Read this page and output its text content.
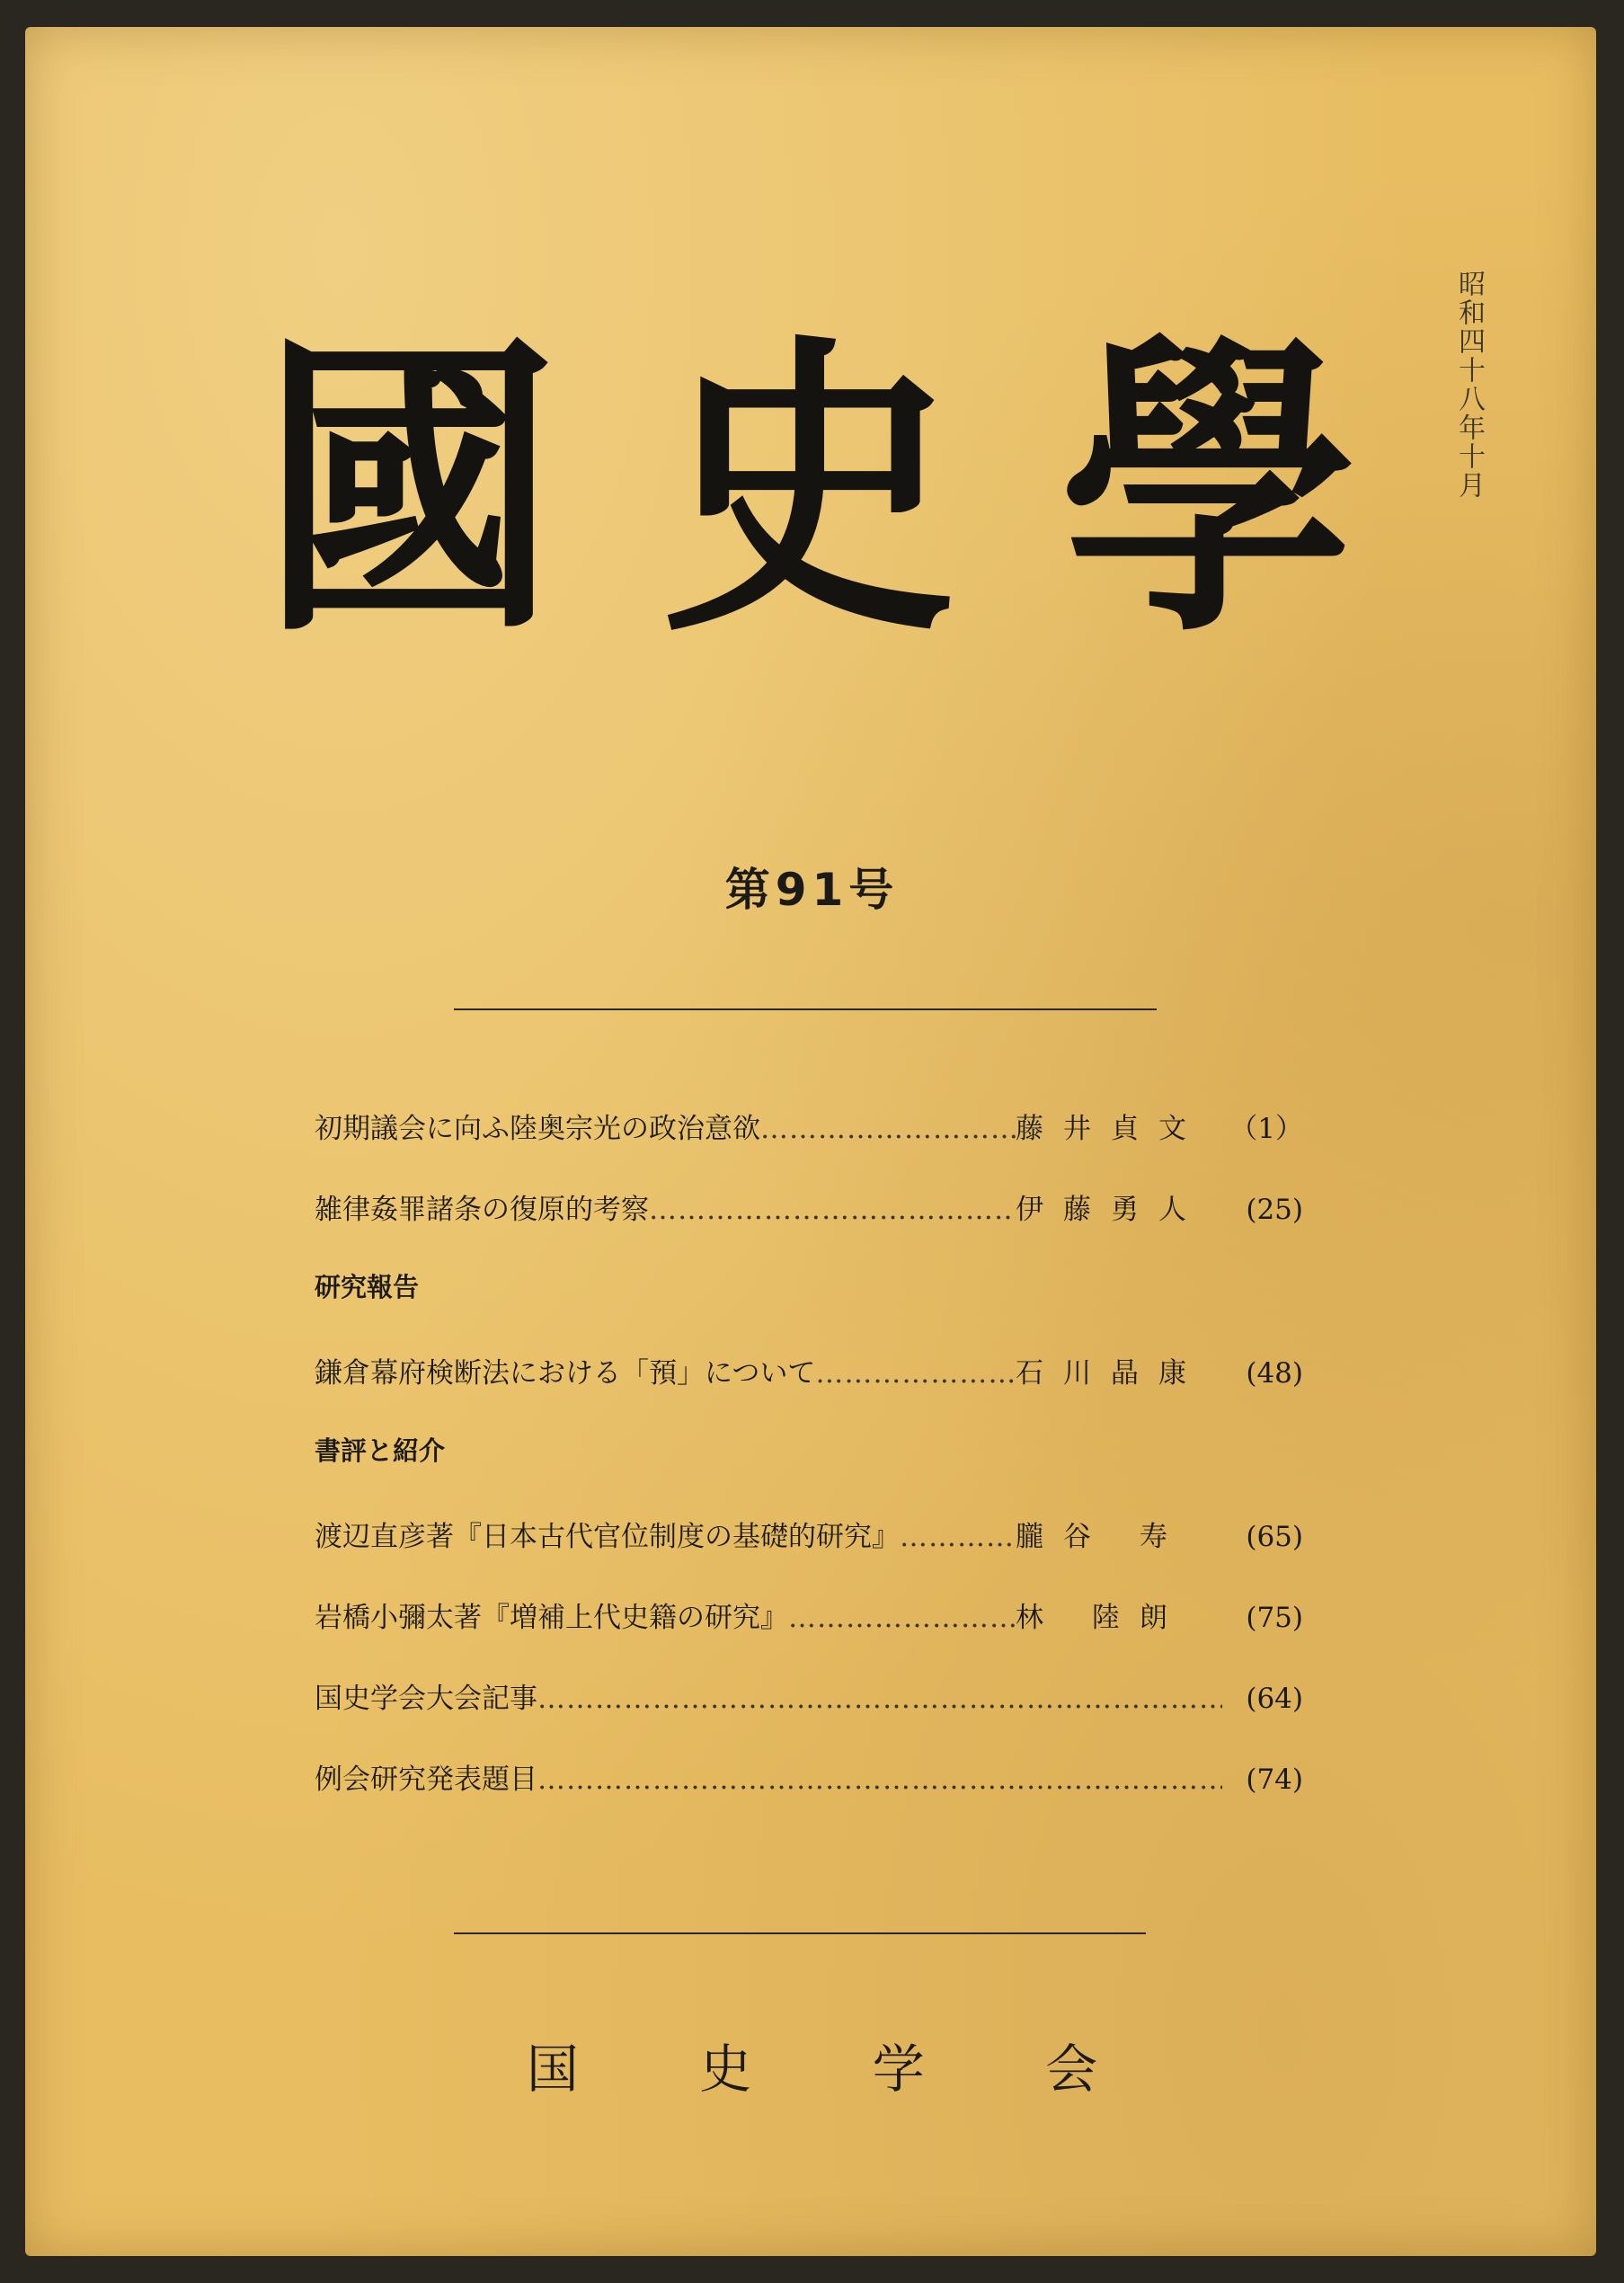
昭和四十八年十月
國 史 學
第91号
初期議会に向ふ陸奥宗光の政治意欲 …………………………………………………………………………………………………………………………………………	藤井貞文 （1）
雑律姦罪諸条の復原的考察 …………………………………………………………………………………………………………………………………………	伊藤勇人	(25)
研究報告
鎌倉幕府検断法における「預」について …………………………………………………………………………………………………………………………………………	石川晶康	(48)
書評と紹介
渡辺直彦著『日本古代官位制度の基礎的研究』 …………………………………………………………………………………………………………………………………………	朧谷 寿	(65)
岩橋小彌太著『増補上代史籍の研究』 …………………………………………………………………………………………………………………………………………	林 陸朗	(75)
国史学会大会記事 …………………………………………………………………………………………………………………………………………	(64)
例会研究発表題目 …………………………………………………………………………………………………………………………………………	(74)
国 史 学 会
